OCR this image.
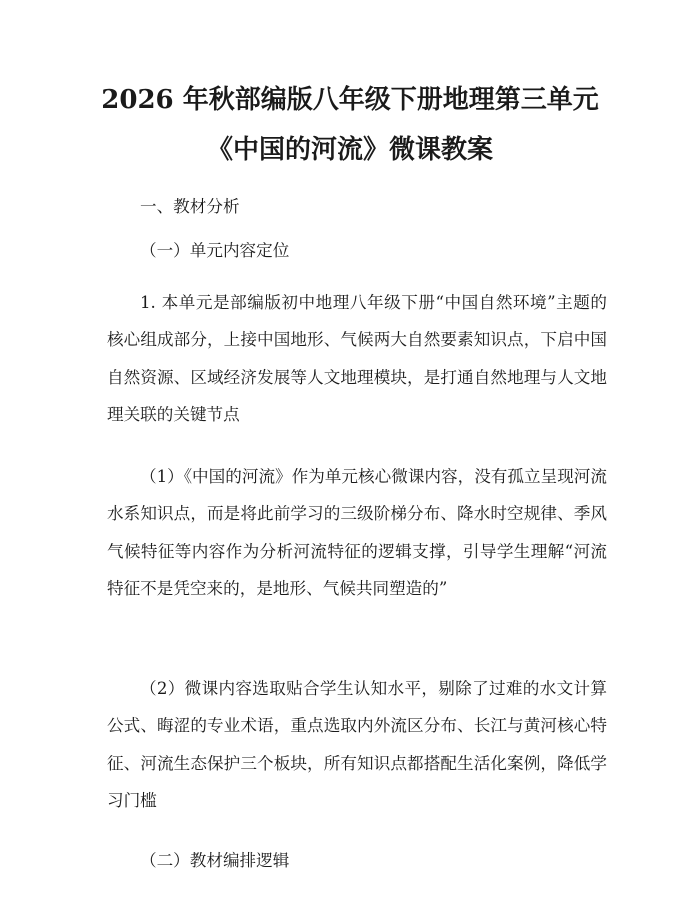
2026 年秋部编版八年级下册地理第三单元
《中国的河流》微课教案

一、教材分析

（一）单元内容定位

1. 本单元是部编版初中地理八年级下册“中国自然环境”主题的核心组成部分，上接中国地形、气候两大自然要素知识点，下启中国自然资源、区域经济发展等人文地理模块，是打通自然地理与人文地理关联的关键节点

（1）《中国的河流》作为单元核心微课内容，没有孤立呈现河流水系知识点，而是将此前学习的三级阶梯分布、降水时空规律、季风气候特征等内容作为分析河流特征的逻辑支撑，引导学生理解“河流特征不是凭空来的，是地形、气候共同塑造的”

（2）微课内容选取贴合学生认知水平，剔除了过难的水文计算公式、晦涩的专业术语，重点选取内外流区分布、长江与黄河核心特征、河流生态保护三个板块，所有知识点都搭配生活化案例，降低学习门槛

（二）教材编排逻辑
